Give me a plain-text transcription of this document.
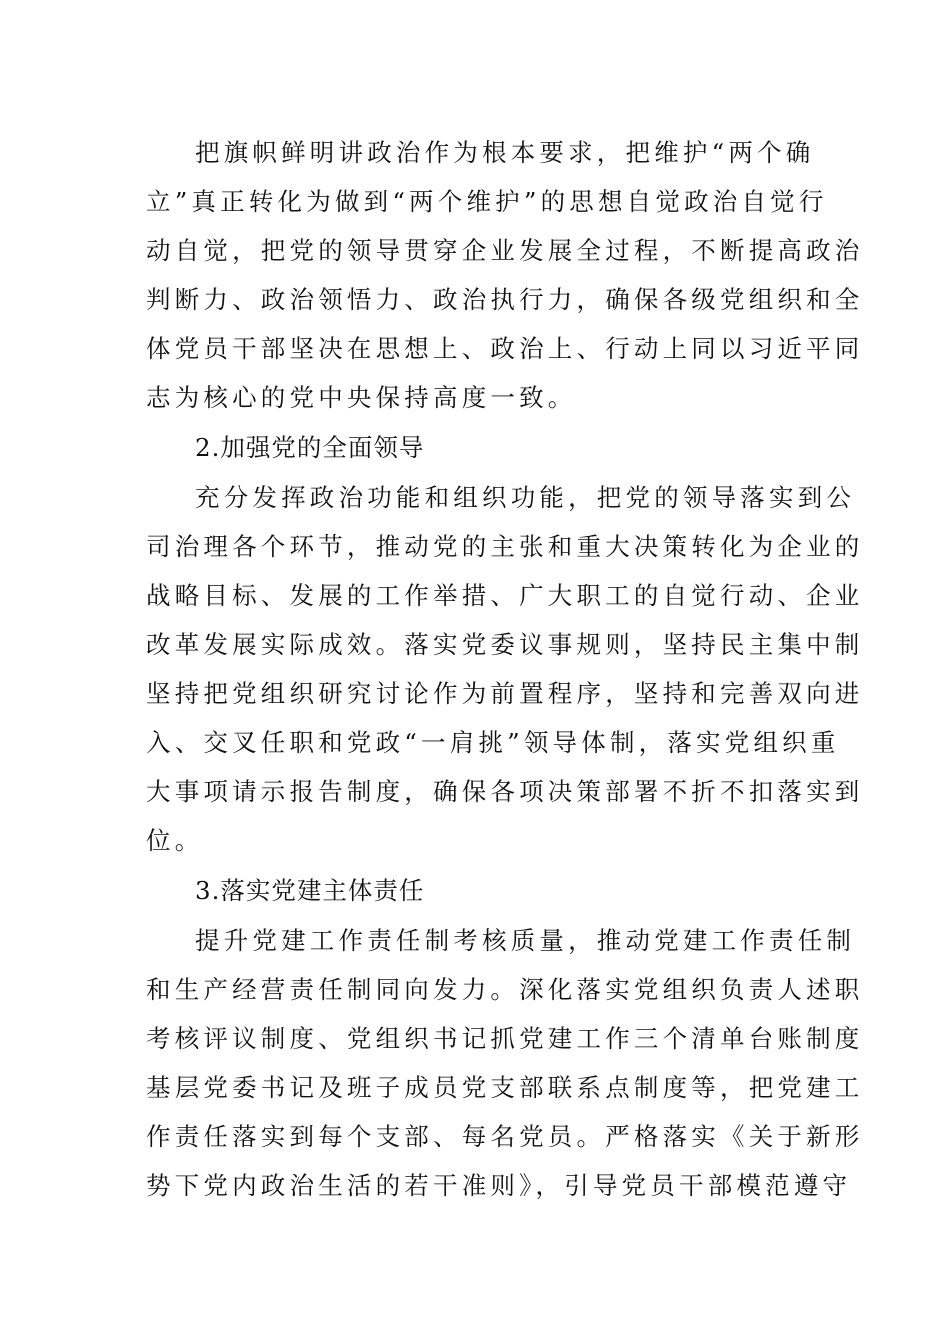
把旗帜鲜明讲政治作为根本要求，把维护“两个确
立”真正转化为做到“两个维护”的思想自觉政治自觉行
动自觉，把党的领导贯穿企业发展全过程，不断提高政治
判断力、政治领悟力、政治执行力，确保各级党组织和全
体党员干部坚决在思想上、政治上、行动上同以习近平同
志为核心的党中央保持高度一致。
2.加强党的全面领导
充分发挥政治功能和组织功能，把党的领导落实到公
司治理各个环节，推动党的主张和重大决策转化为企业的
战略目标、发展的工作举措、广大职工的自觉行动、企业
改革发展实际成效。落实党委议事规则，坚持民主集中制
坚持把党组织研究讨论作为前置程序，坚持和完善双向进
入、交叉任职和党政“一肩挑”领导体制，落实党组织重
大事项请示报告制度，确保各项决策部署不折不扣落实到
位。
3.落实党建主体责任
提升党建工作责任制考核质量，推动党建工作责任制
和生产经营责任制同向发力。深化落实党组织负责人述职
考核评议制度、党组织书记抓党建工作三个清单台账制度
基层党委书记及班子成员党支部联系点制度等，把党建工
作责任落实到每个支部、每名党员。严格落实《关于新形
势下党内政治生活的若干准则》，引导党员干部模范遵守
